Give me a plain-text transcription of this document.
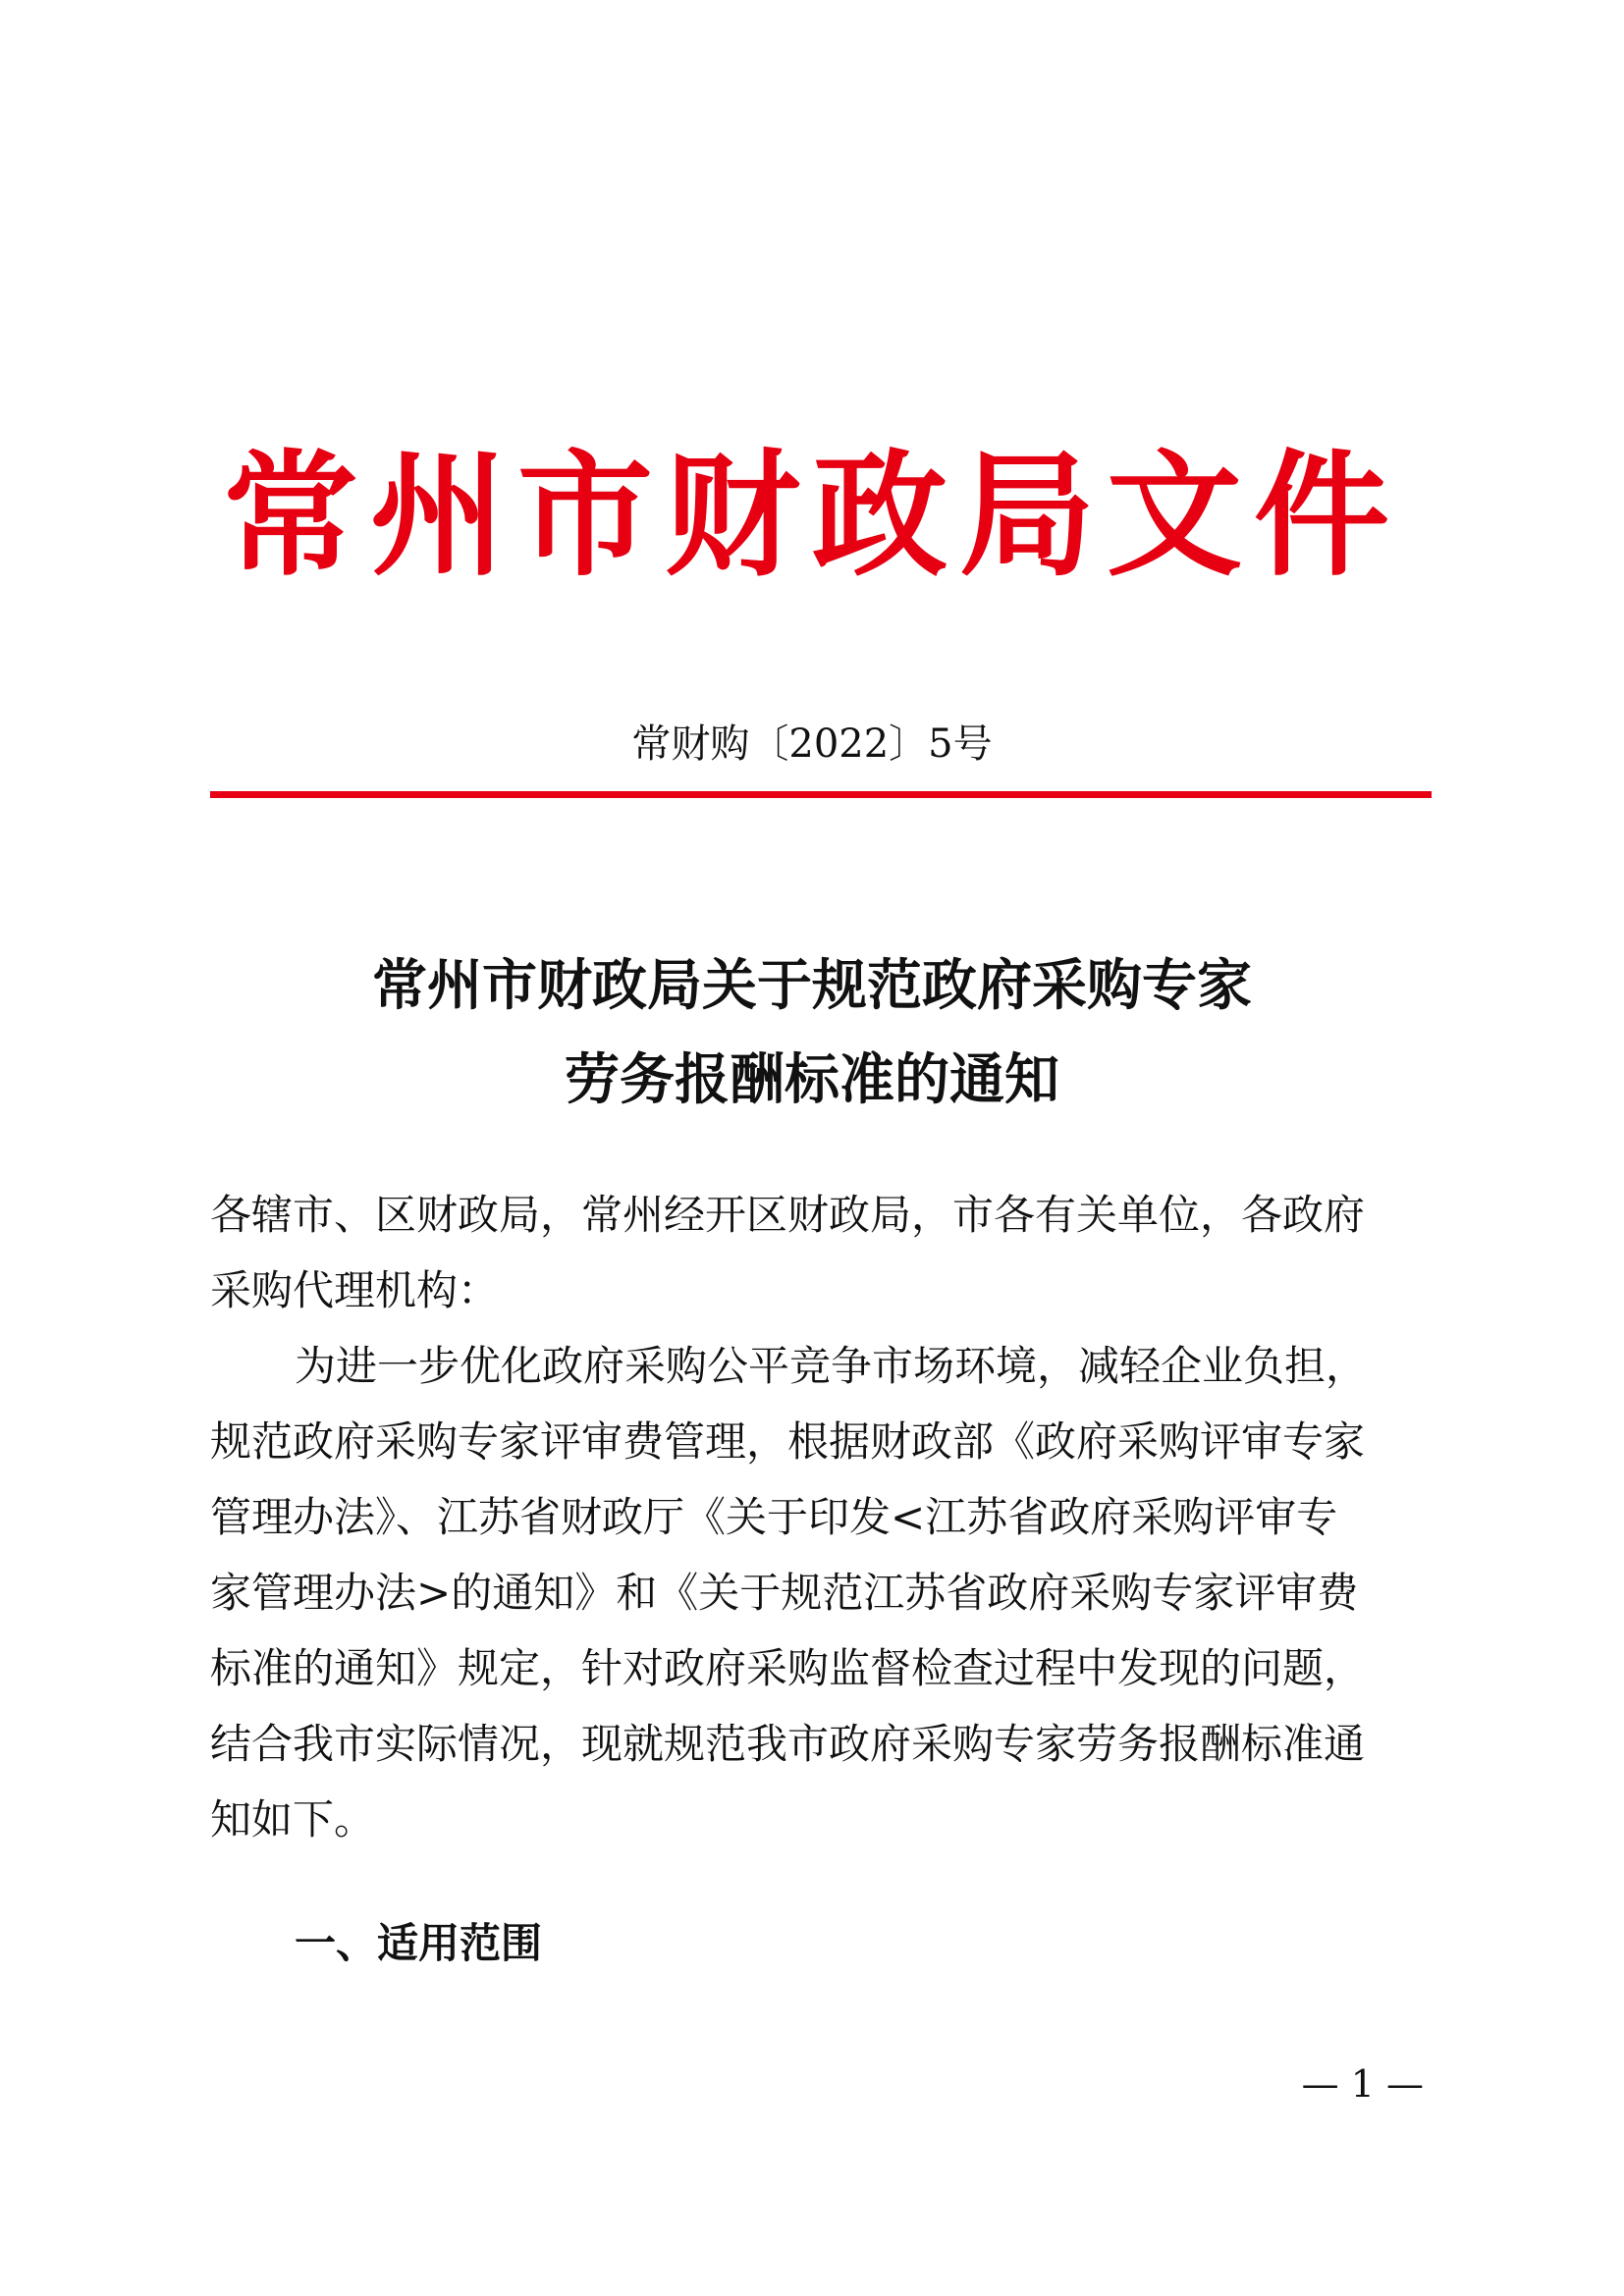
常州市财政局文件
常财购〔2022〕5号
常州市财政局关于规范政府采购专家
劳务报酬标准的通知
各辖市、区财政局，常州经开区财政局，市各有关单位，各政府
采购代理机构：
为进一步优化政府采购公平竞争市场环境，减轻企业负担，
规范政府采购专家评审费管理，根据财政部《政府采购评审专家
管理办法》、江苏省财政厅《关于印发<江苏省政府采购评审专
家管理办法>的通知》和《关于规范江苏省政府采购专家评审费
标准的通知》规定，针对政府采购监督检查过程中发现的问题，
结合我市实际情况，现就规范我市政府采购专家劳务报酬标准通
知如下。
一、适用范围
— 1 —
